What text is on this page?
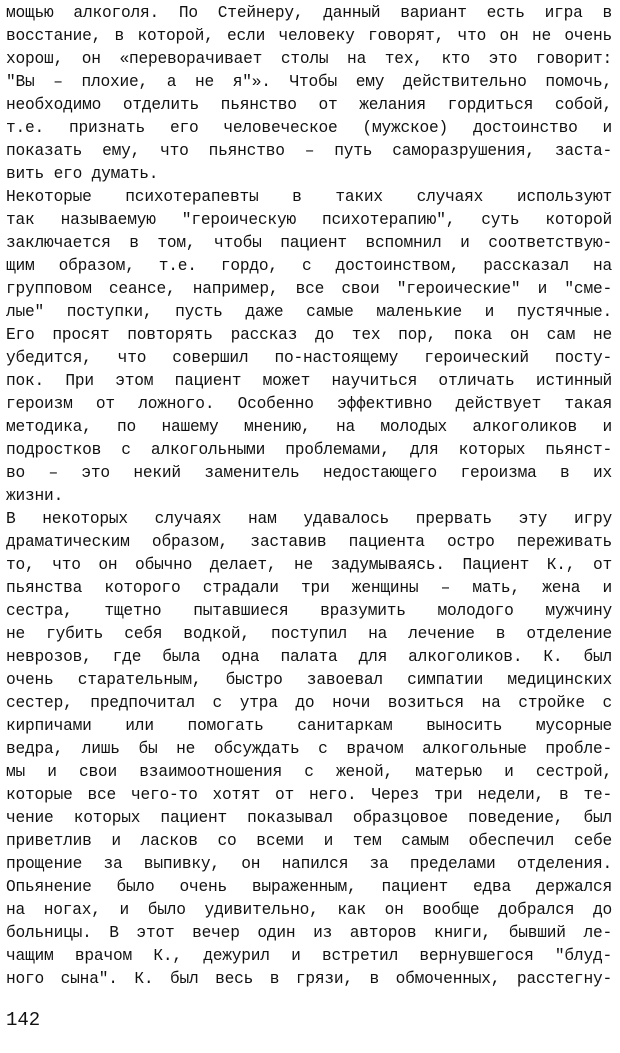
мощью алкоголя. По Стейнеру, данный вариант есть игра в
восстание, в которой, если человеку говорят, что он не очень
хорош, он «переворачивает столы на тех, кто это говорит:
"Вы – плохие, а не я"». Чтобы ему действительно помочь,
необходимо отделить пьянство от желания гордиться собой,
т.е. признать его человеческое (мужское) достоинство и
показать ему, что пьянство – путь саморазрушения, заста-
вить его думать.
Некоторые психотерапевты в таких случаях используют
так называемую "героическую психотерапию", суть которой
заключается в том, чтобы пациент вспомнил и соответствую-
щим образом, т.е. гордо, с достоинством, рассказал на
групповом сеансе, например, все свои "героические" и "сме-
лые" поступки, пусть даже самые маленькие и пустячные.
Его просят повторять рассказ до тех пор, пока он сам не
убедится, что совершил по-настоящему героический посту-
пок. При этом пациент может научиться отличать истинный
героизм от ложного. Особенно эффективно действует такая
методика, по нашему мнению, на молодых алкоголиков и
подростков с алкогольными проблемами, для которых пьянст-
во – это некий заменитель недостающего героизма в их
жизни.
В некоторых случаях нам удавалось прервать эту игру
драматическим образом, заставив пациента остро переживать
то, что он обычно делает, не задумываясь. Пациент К., от
пьянства которого страдали три женщины – мать, жена и
сестра, тщетно пытавшиеся вразумить молодого мужчину
не губить себя водкой, поступил на лечение в отделение
неврозов, где была одна палата для алкоголиков. К. был
очень старательным, быстро завоевал симпатии медицинских
сестер, предпочитал с утра до ночи возиться на стройке с
кирпичами или помогать санитаркам выносить мусорные
ведра, лишь бы не обсуждать с врачом алкогольные пробле-
мы и свои взаимоотношения с женой, матерью и сестрой,
которые все чего-то хотят от него. Через три недели, в те-
чение которых пациент показывал образцовое поведение, был
приветлив и ласков со всеми и тем самым обеспечил себе
прощение за выпивку, он напился за пределами отделения.
Опьянение было очень выраженным, пациент едва держался
на ногах, и было удивительно, как он вообще добрался до
больницы. В этот вечер один из авторов книги, бывший ле-
чащим врачом К., дежурил и встретил вернувшегося "блуд-
ного сына". К. был весь в грязи, в обмоченных, расстегну-
142
